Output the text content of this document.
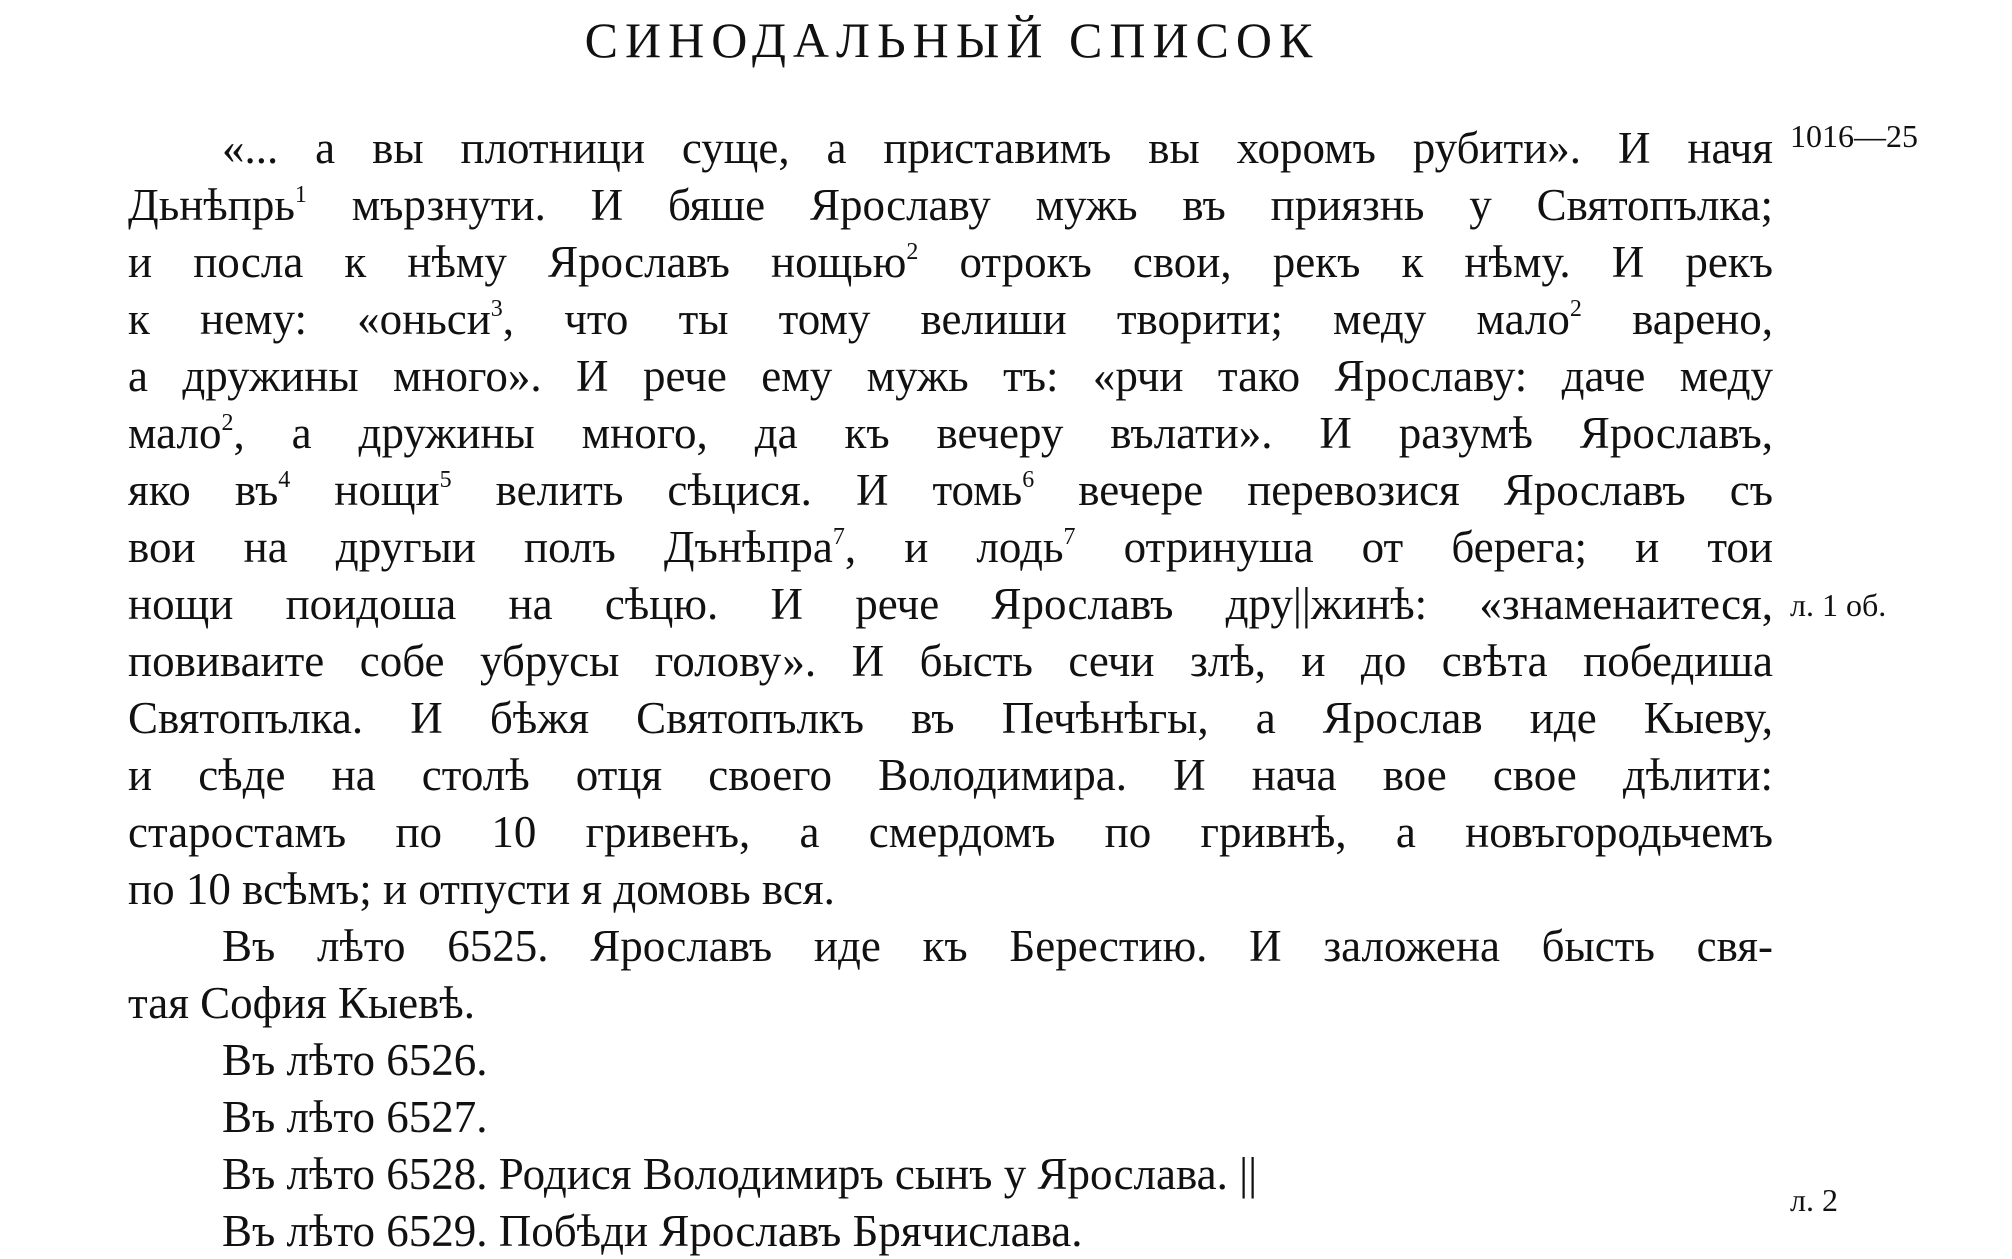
СИНОДАЛЬНЫЙ СПИСОК
1016—25
л. 1 об.
л. 2
«... а вы плотници суще, а приставимъ вы хоромъ рубити». И начя
Дьнѣпрь$^1$ мързнути. И бяше Ярославу мужь въ приязнь у Святопълка;
и посла к нѣму Ярославъ нощью$^2$ отрокъ свои, рекъ к нѣму. И рекъ
к нему: «оньси$^3$, что ты тому велиши творити; меду мало$^2$ варено,
а дружины много». И рече ему мужь тъ: «рчи тако Ярославу: даче меду
мало$^2$, а дружины много, да къ вечеру вълати». И разумѣ Ярославъ,
яко $въ^4$ нощи$^5$ велить сѣцися. И томь$^6$ вечере перевозися Ярославъ съ
вои на другыи полъ Дънѣпра$^7$, и лодь$^7$ отринуша от берега; и тои
нощи поидоша на сѣцю. И рече Ярославъ дру||жинѣ: «знаменаитеся,
повиваите собе убрусы голову». И бысть сечи злѣ, и до свѣта победиша
Святопълка. И бѣжя Святопълкъ въ Печѣнѣгы, а Ярослав иде Кыеву,
и сѣде на столѣ отця своего Володимира. И нача вое свое дѣлити:
старостамъ по 10 гривенъ, а смердомъ по гривнѣ, а новъгородьчемъ
по 10 всѣмъ; и отпусти я домовь вся.
Въ лѣто 6525. Ярославъ иде къ Берестию. И заложена бысть свя-
тая София Кыевѣ.
Въ лѣто 6526.
Въ лѣто 6527.
Въ лѣто 6528. Родися Володимиръ сынъ у Ярослава. ||
Въ лѣто 6529. Побѣди Ярославъ Брячислава.
